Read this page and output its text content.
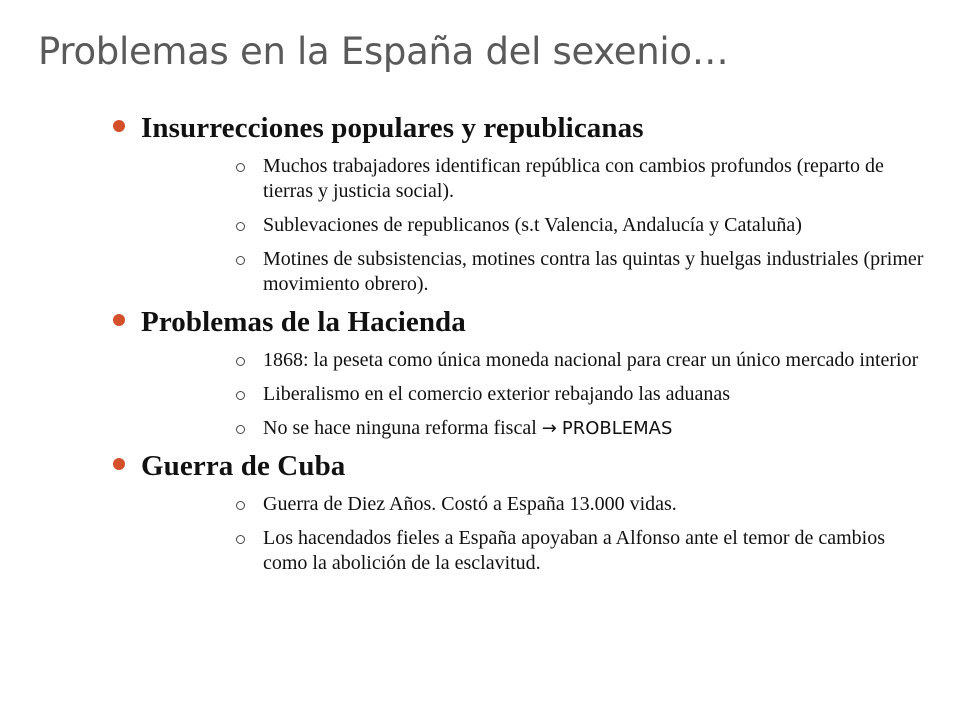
Problemas en la España del sexenio…
Insurrecciones populares y republicanas
Muchos trabajadores identifican república con cambios profundos (reparto de tierras y justicia social).
Sublevaciones de republicanos (s.t Valencia, Andalucía y Cataluña)
Motines de subsistencias, motines contra las quintas y huelgas industriales (primer movimiento obrero).
Problemas de la Hacienda
1868: la peseta como única moneda nacional para crear un único mercado interior
Liberalismo en el comercio exterior rebajando las aduanas
No se hace ninguna reforma fiscal → PROBLEMAS
Guerra de Cuba
Guerra de Diez Años. Costó a España 13.000 vidas.
Los hacendados fieles a España apoyaban a Alfonso ante el temor de cambios como la abolición de la esclavitud.
